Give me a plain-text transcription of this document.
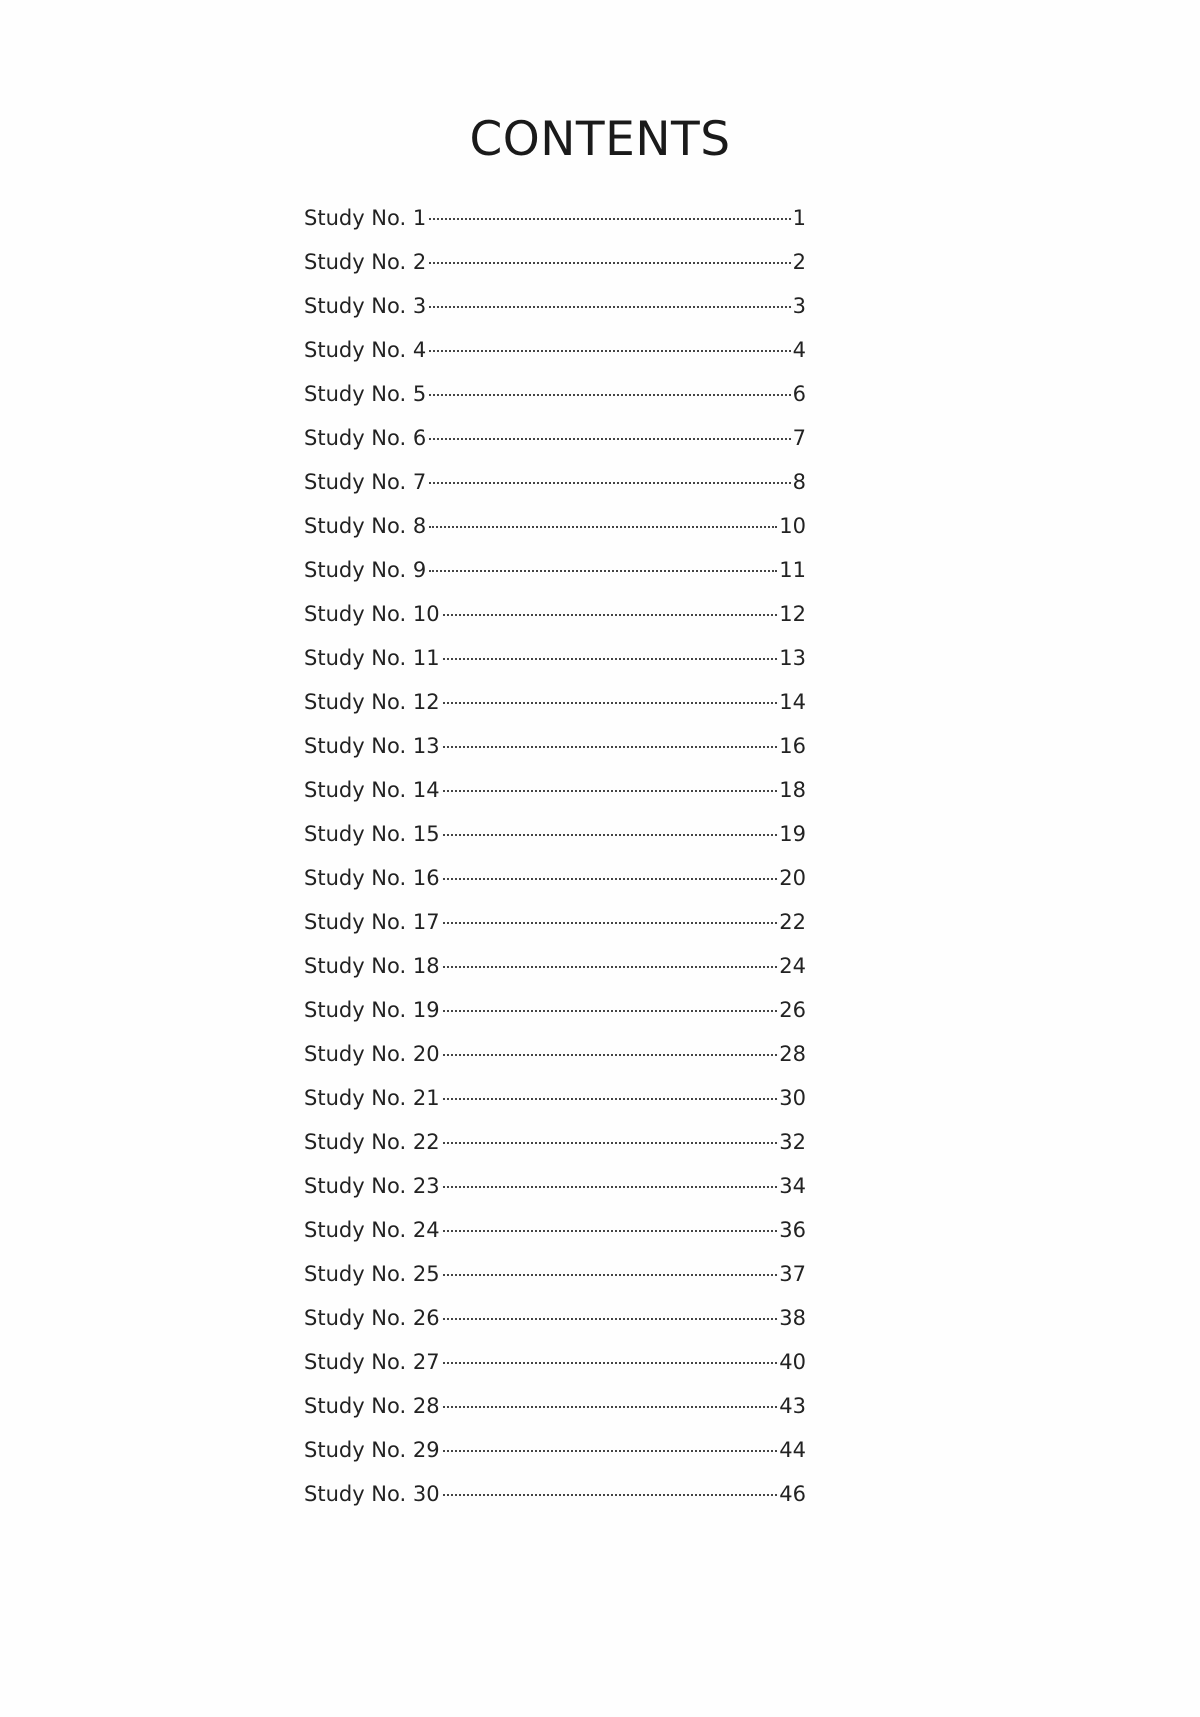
CONTENTS
Study No. 1	1
Study No. 2	2
Study No. 3	3
Study No. 4	4
Study No. 5	6
Study No. 6	7
Study No. 7	8
Study No. 8	10
Study No. 9	11
Study No. 10	12
Study No. 11	13
Study No. 12	14
Study No. 13	16
Study No. 14	18
Study No. 15	19
Study No. 16	20
Study No. 17	22
Study No. 18	24
Study No. 19	26
Study No. 20	28
Study No. 21	30
Study No. 22	32
Study No. 23	34
Study No. 24	36
Study No. 25	37
Study No. 26	38
Study No. 27	40
Study No. 28	43
Study No. 29	44
Study No. 30	46
